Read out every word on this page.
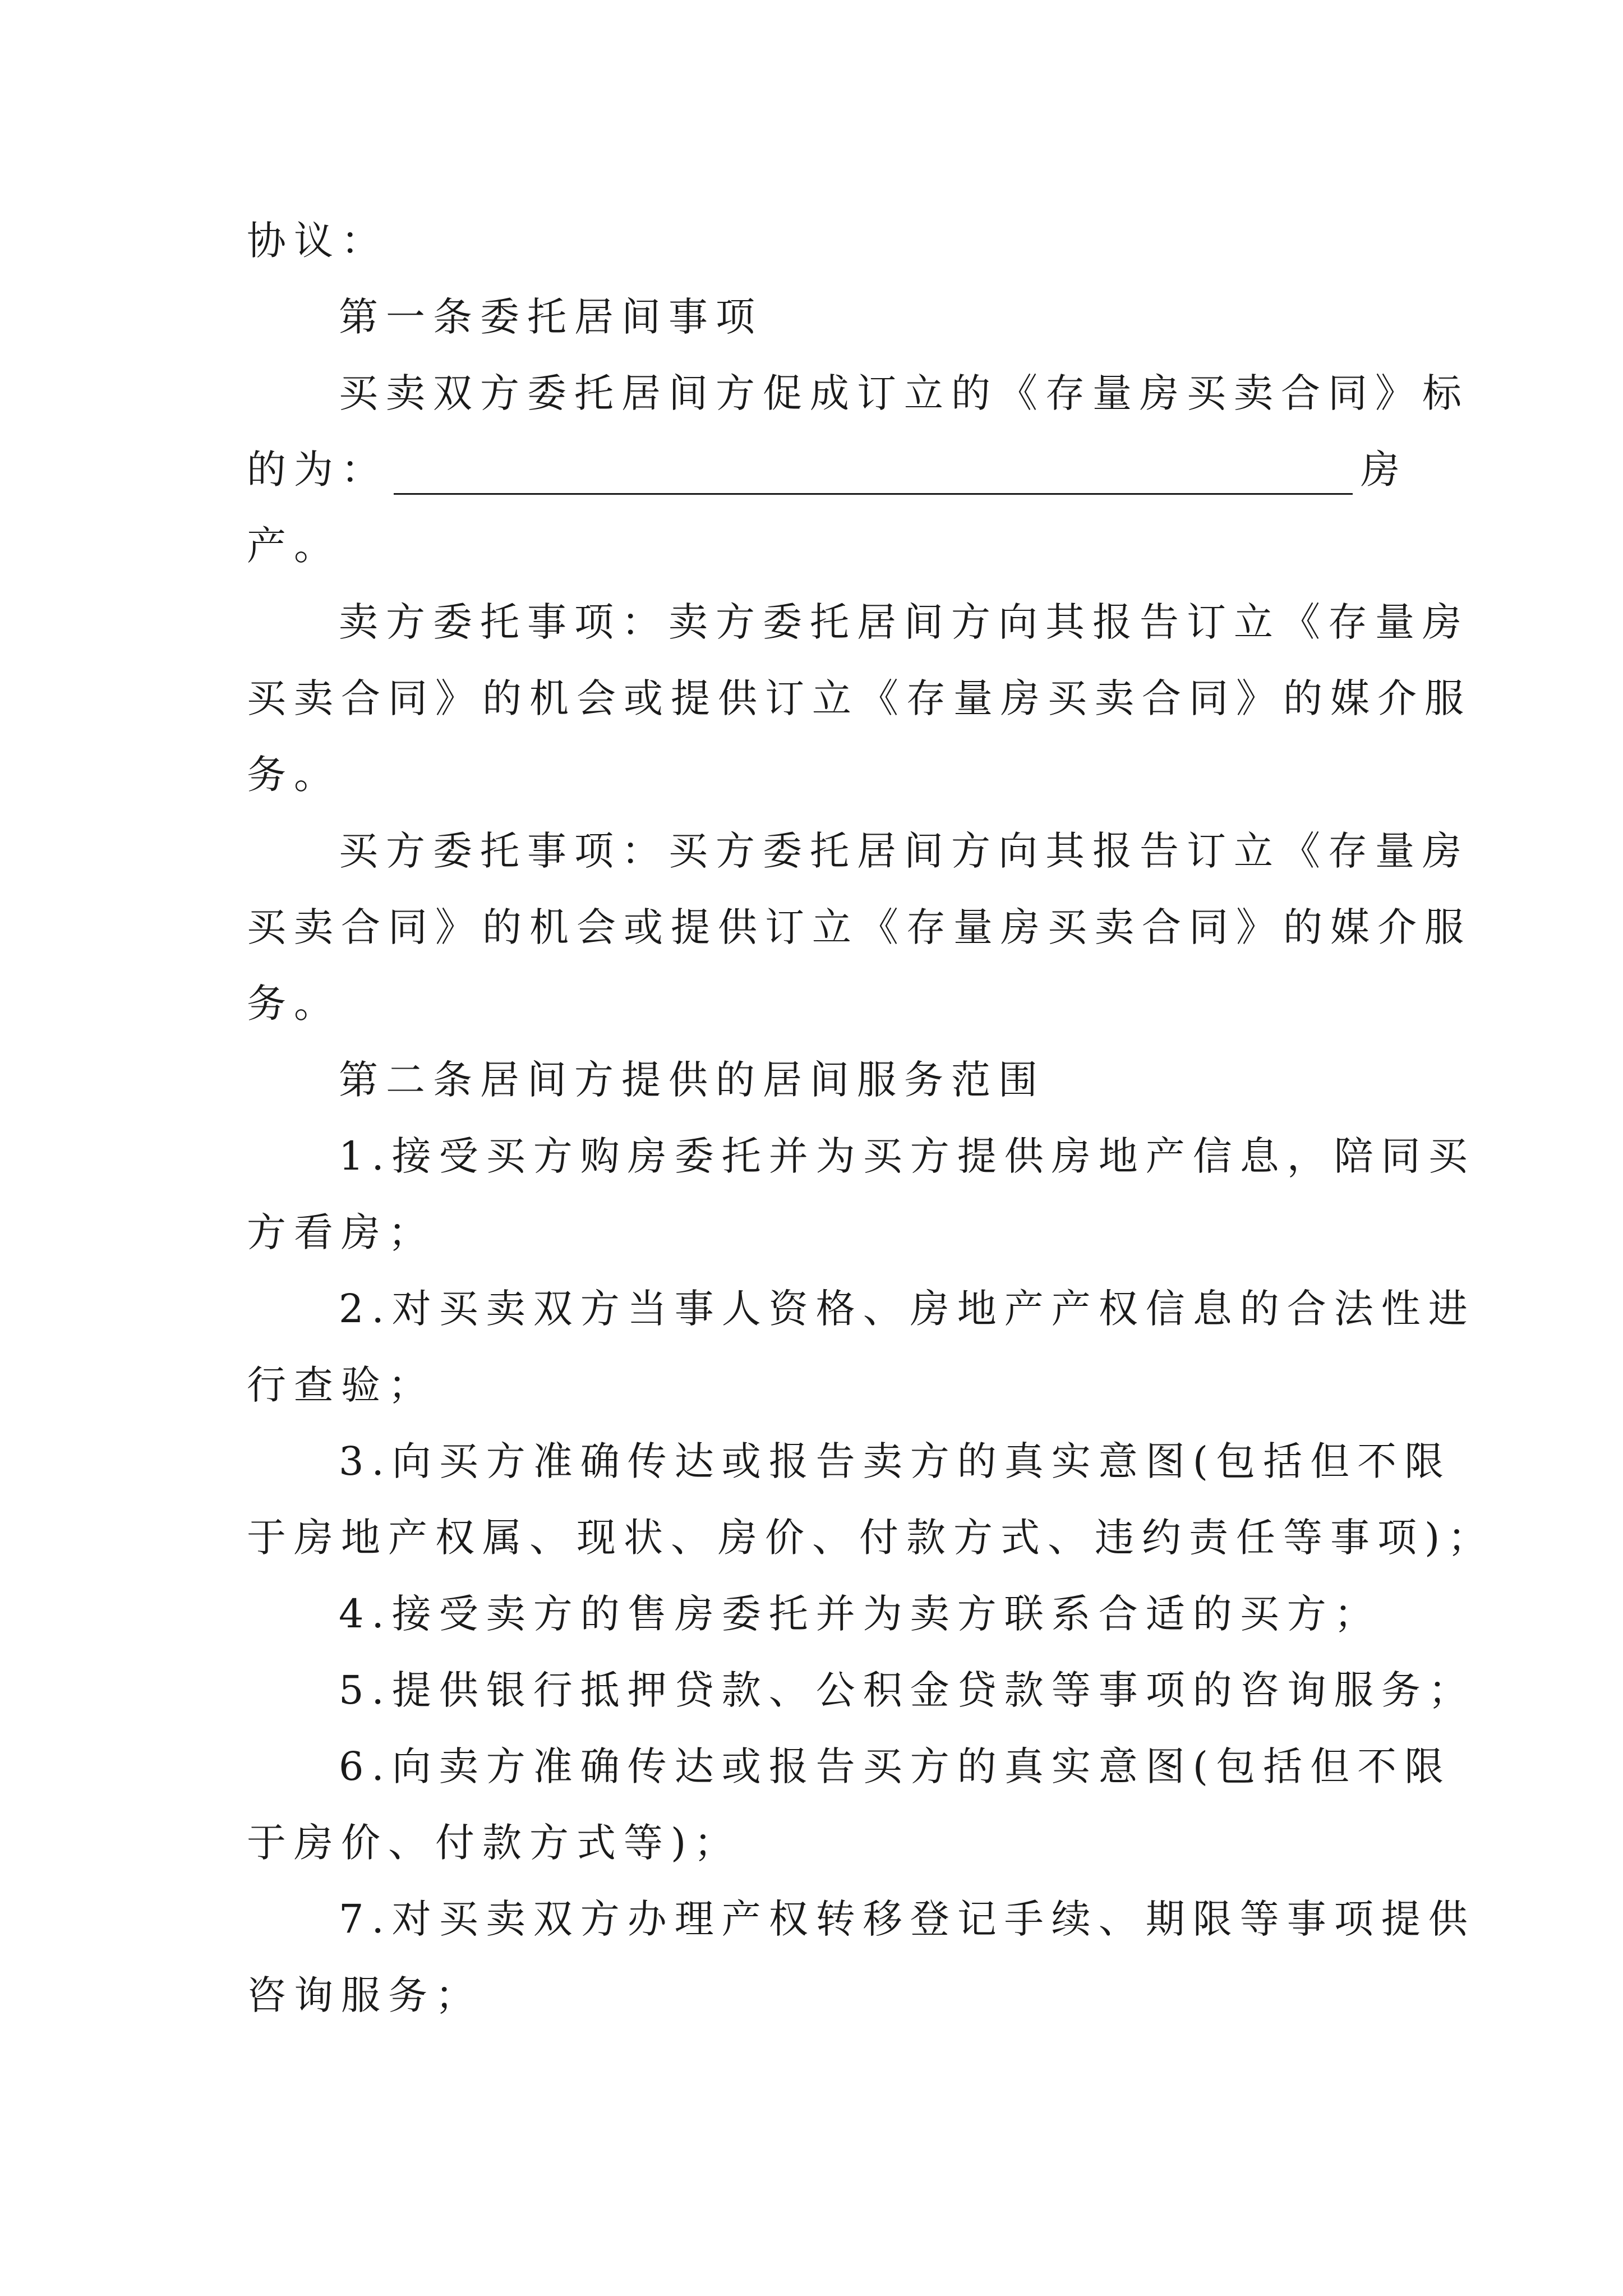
协议：
第一条委托居间事项
买卖双方委托居间方促成订立的《存量房买卖合同》标
的为：	房
产。
卖方委托事项：卖方委托居间方向其报告订立《存量房
买卖合同》的机会或提供订立《存量房买卖合同》的媒介服
务。
买方委托事项：买方委托居间方向其报告订立《存量房
买卖合同》的机会或提供订立《存量房买卖合同》的媒介服
务。
第二条居间方提供的居间服务范围
1.接受买方购房委托并为买方提供房地产信息，陪同买
方看房；
2.对买卖双方当事人资格、房地产产权信息的合法性进
行查验；
3.向买方准确传达或报告卖方的真实意图(包括但不限
于房地产权属、现状、房价、付款方式、违约责任等事项)；
4.接受卖方的售房委托并为卖方联系合适的买方；
5.提供银行抵押贷款、公积金贷款等事项的咨询服务；
6.向卖方准确传达或报告买方的真实意图(包括但不限
于房价、付款方式等)；
7.对买卖双方办理产权转移登记手续、期限等事项提供
咨询服务；
